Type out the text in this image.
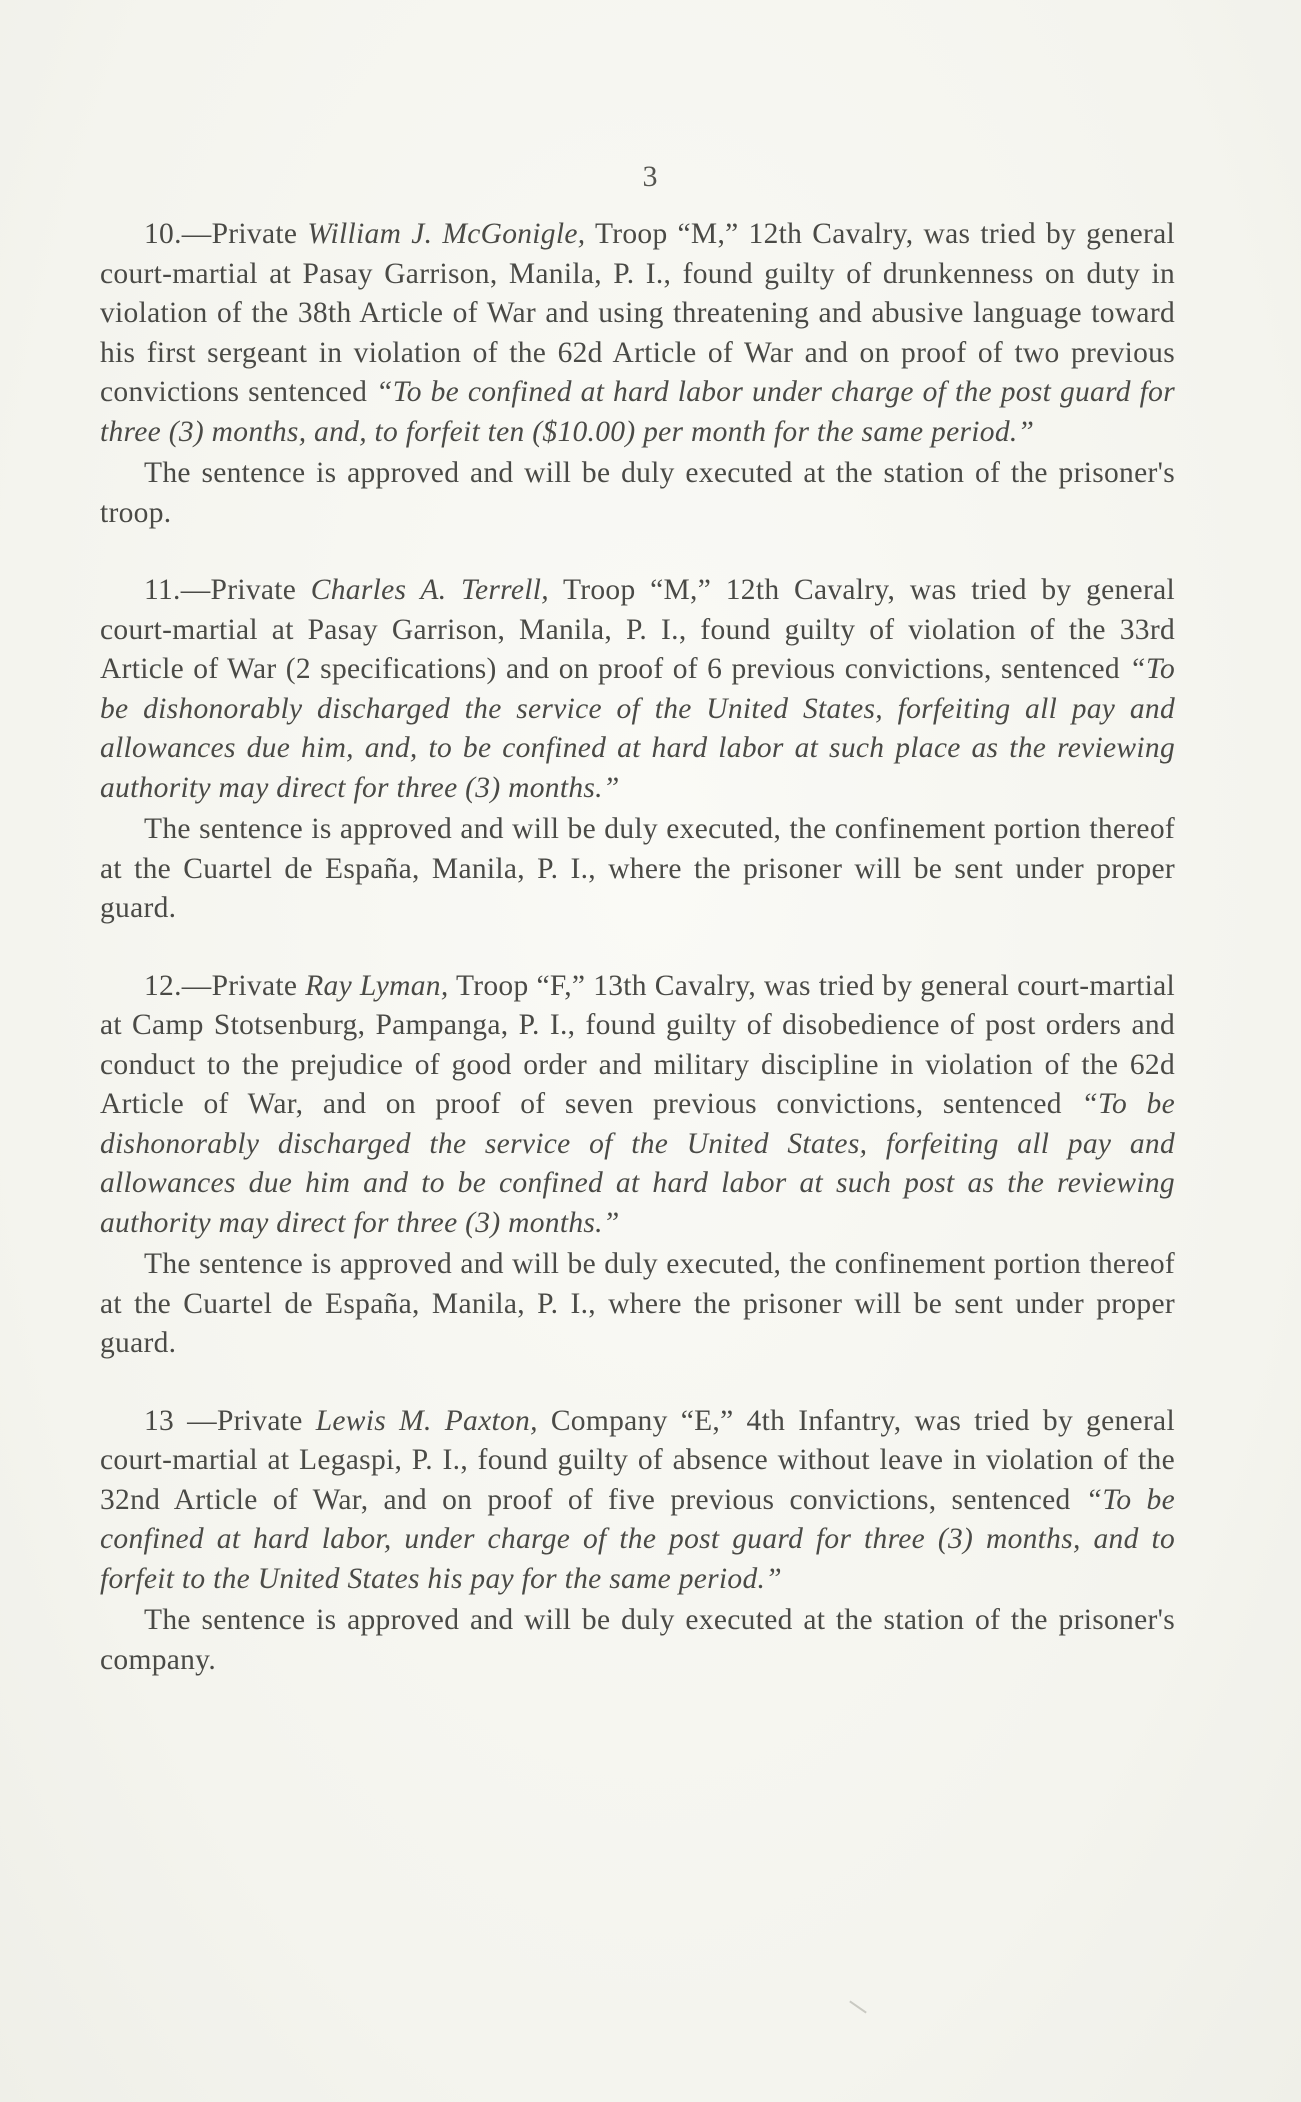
3

10.—Private William J. McGonigle, Troop “M,” 12th Cavalry, was tried by general court-martial at Pasay Garrison, Manila, P. I., found guilty of drunkenness on duty in violation of the 38th Article of War and using threatening and abusive language toward his first sergeant in violation of the 62d Article of War and on proof of two previous convictions sentenced “To be confined at hard labor under charge of the post guard for three (3) months, and, to forfeit ten ($10.00) per month for the same period.”

The sentence is approved and will be duly executed at the station of the prisoner's troop.

11.—Private Charles A. Terrell, Troop “M,” 12th Cavalry, was tried by general court-martial at Pasay Garrison, Manila, P. I., found guilty of violation of the 33rd Article of War (2 specifications) and on proof of 6 previous convictions, sentenced “To be dishonorably discharged the service of the United States, forfeiting all pay and allowances due him, and, to be confined at hard labor at such place as the reviewing authority may direct for three (3) months.”

The sentence is approved and will be duly executed, the confinement portion thereof at the Cuartel de España, Manila, P. I., where the prisoner will be sent under proper guard.

12.—Private Ray Lyman, Troop “F,” 13th Cavalry, was tried by general court-martial at Camp Stotsenburg, Pampanga, P. I., found guilty of disobedience of post orders and conduct to the prejudice of good order and military discipline in violation of the 62d Article of War, and on proof of seven previous convictions, sentenced “To be dishonorably discharged the service of the United States, forfeiting all pay and allowances due him and to be confined at hard labor at such post as the reviewing authority may direct for three (3) months.”

The sentence is approved and will be duly executed, the confinement portion thereof at the Cuartel de España, Manila, P. I., where the prisoner will be sent under proper guard.

13 —Private Lewis M. Paxton, Company “E,” 4th Infantry, was tried by general court-martial at Legaspi, P. I., found guilty of absence without leave in violation of the 32nd Article of War, and on proof of five previous convictions, sentenced “To be confined at hard labor, under charge of the post guard for three (3) months, and to forfeit to the United States his pay for the same period.”

The sentence is approved and will be duly executed at the station of the prisoner's company.
